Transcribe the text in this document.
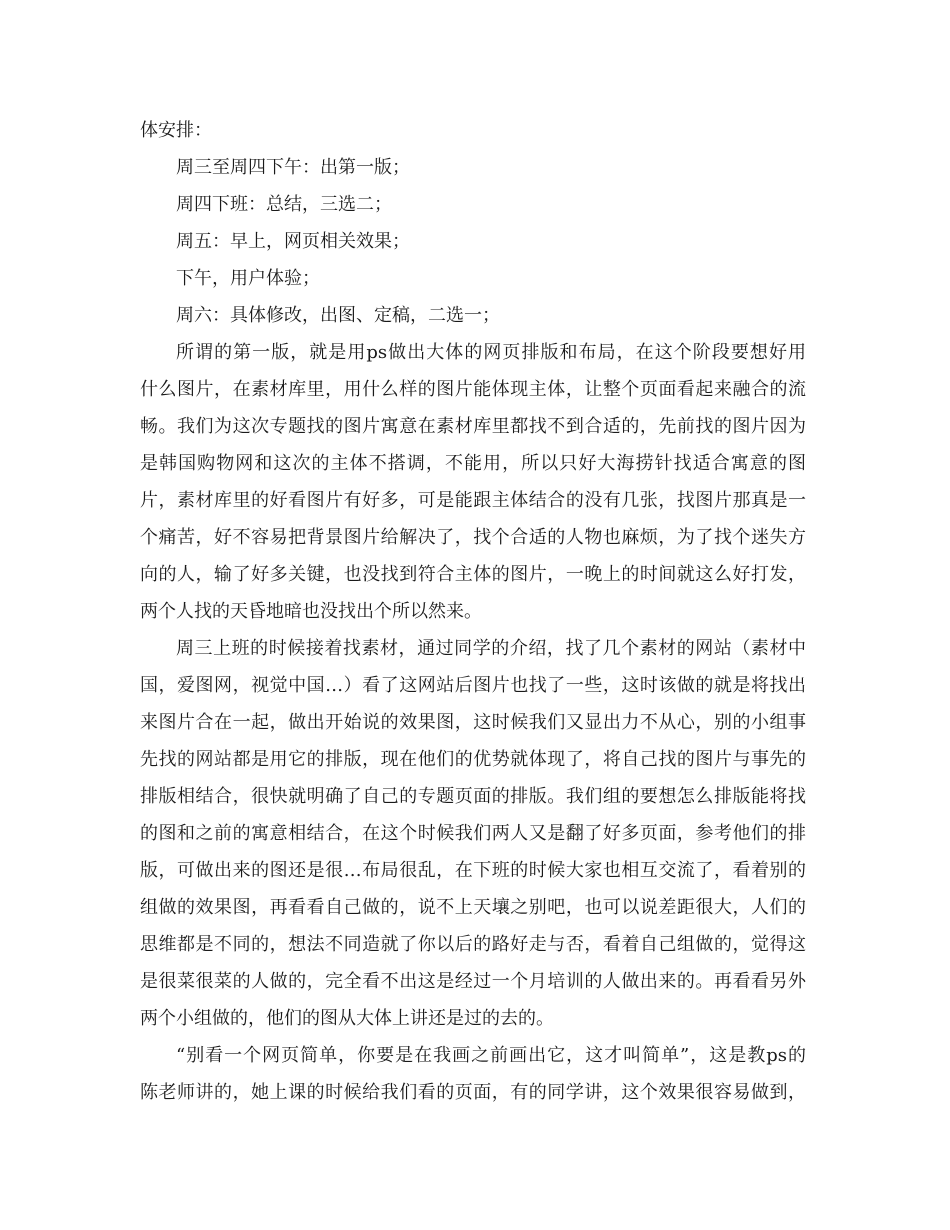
体安排：
周三至周四下午：出第一版；
周四下班：总结，三选二；
周五：早上，网页相关效果；
下午，用户体验；
周六：具体修改，出图、定稿，二选一；
所谓的第一版，就是用ps做出大体的网页排版和布局，在这个阶段要想好用
什么图片，在素材库里，用什么样的图片能体现主体，让整个页面看起来融合的流
畅。我们为这次专题找的图片寓意在素材库里都找不到合适的，先前找的图片因为
是韩国购物网和这次的主体不搭调，不能用，所以只好大海捞针找适合寓意的图
片，素材库里的好看图片有好多，可是能跟主体结合的没有几张，找图片那真是一
个痛苦，好不容易把背景图片给解决了，找个合适的人物也麻烦，为了找个迷失方
向的人，输了好多关键，也没找到符合主体的图片，一晚上的时间就这么好打发，
两个人找的天昏地暗也没找出个所以然来。
周三上班的时候接着找素材，通过同学的介绍，找了几个素材的网站（素材中
国，爱图网，视觉中国…）看了这网站后图片也找了一些，这时该做的就是将找出
来图片合在一起，做出开始说的效果图，这时候我们又显出力不从心，别的小组事
先找的网站都是用它的排版，现在他们的优势就体现了，将自己找的图片与事先的
排版相结合，很快就明确了自己的专题页面的排版。我们组的要想怎么排版能将找
的图和之前的寓意相结合，在这个时候我们两人又是翻了好多页面，参考他们的排
版，可做出来的图还是很…布局很乱，在下班的时候大家也相互交流了，看着别的
组做的效果图，再看看自己做的，说不上天壤之别吧，也可以说差距很大，人们的
思维都是不同的，想法不同造就了你以后的路好走与否，看着自己组做的，觉得这
是很菜很菜的人做的，完全看不出这是经过一个月培训的人做出来的。再看看另外
两个小组做的，他们的图从大体上讲还是过的去的。
“别看一个网页简单，你要是在我画之前画出它，这才叫简单”，这是教ps的
陈老师讲的，她上课的时候给我们看的页面，有的同学讲，这个效果很容易做到，
